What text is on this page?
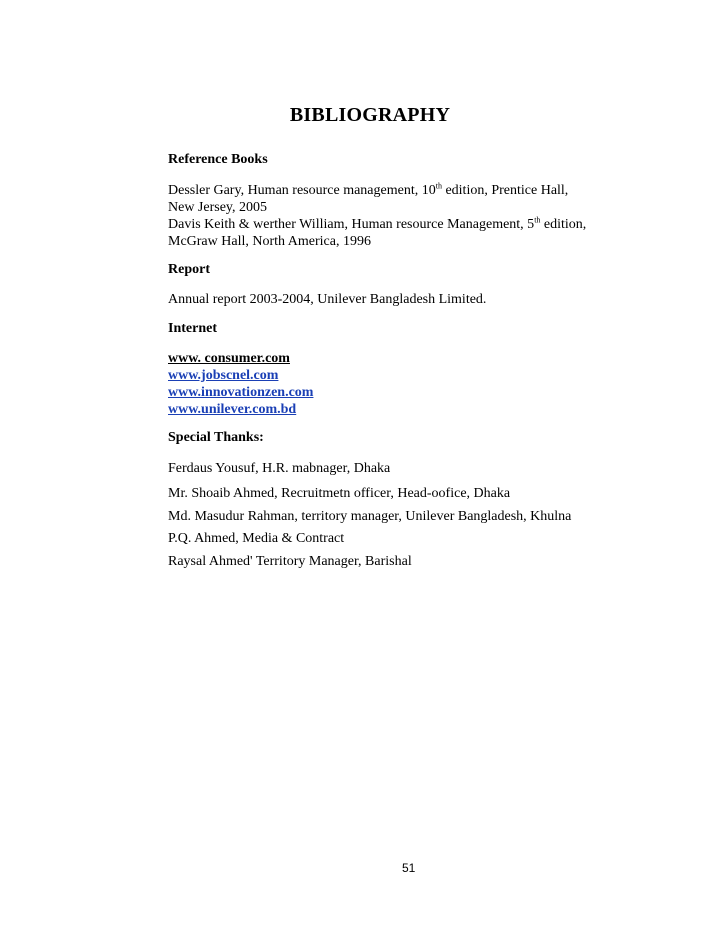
BIBLIOGRAPHY
Reference Books
Dessler Gary, Human resource management, 10th edition, Prentice Hall, New Jersey, 2005
Davis Keith & werther William, Human resource Management, 5th edition, McGraw Hall, North America, 1996
Report
Annual report 2003-2004, Unilever Bangladesh Limited.
Internet
www. consumer.com
www.jobscnel.com
www.innovationzen.com
www.unilever.com.bd
Special Thanks:
Ferdaus Yousuf, H.R. mabnager, Dhaka
Mr. Shoaib Ahmed, Recruitmetn officer, Head-oofice, Dhaka
Md. Masudur Rahman, territory manager, Unilever Bangladesh, Khulna
P.Q. Ahmed, Media & Contract
Raysal Ahmed' Territory Manager, Barishal
51
